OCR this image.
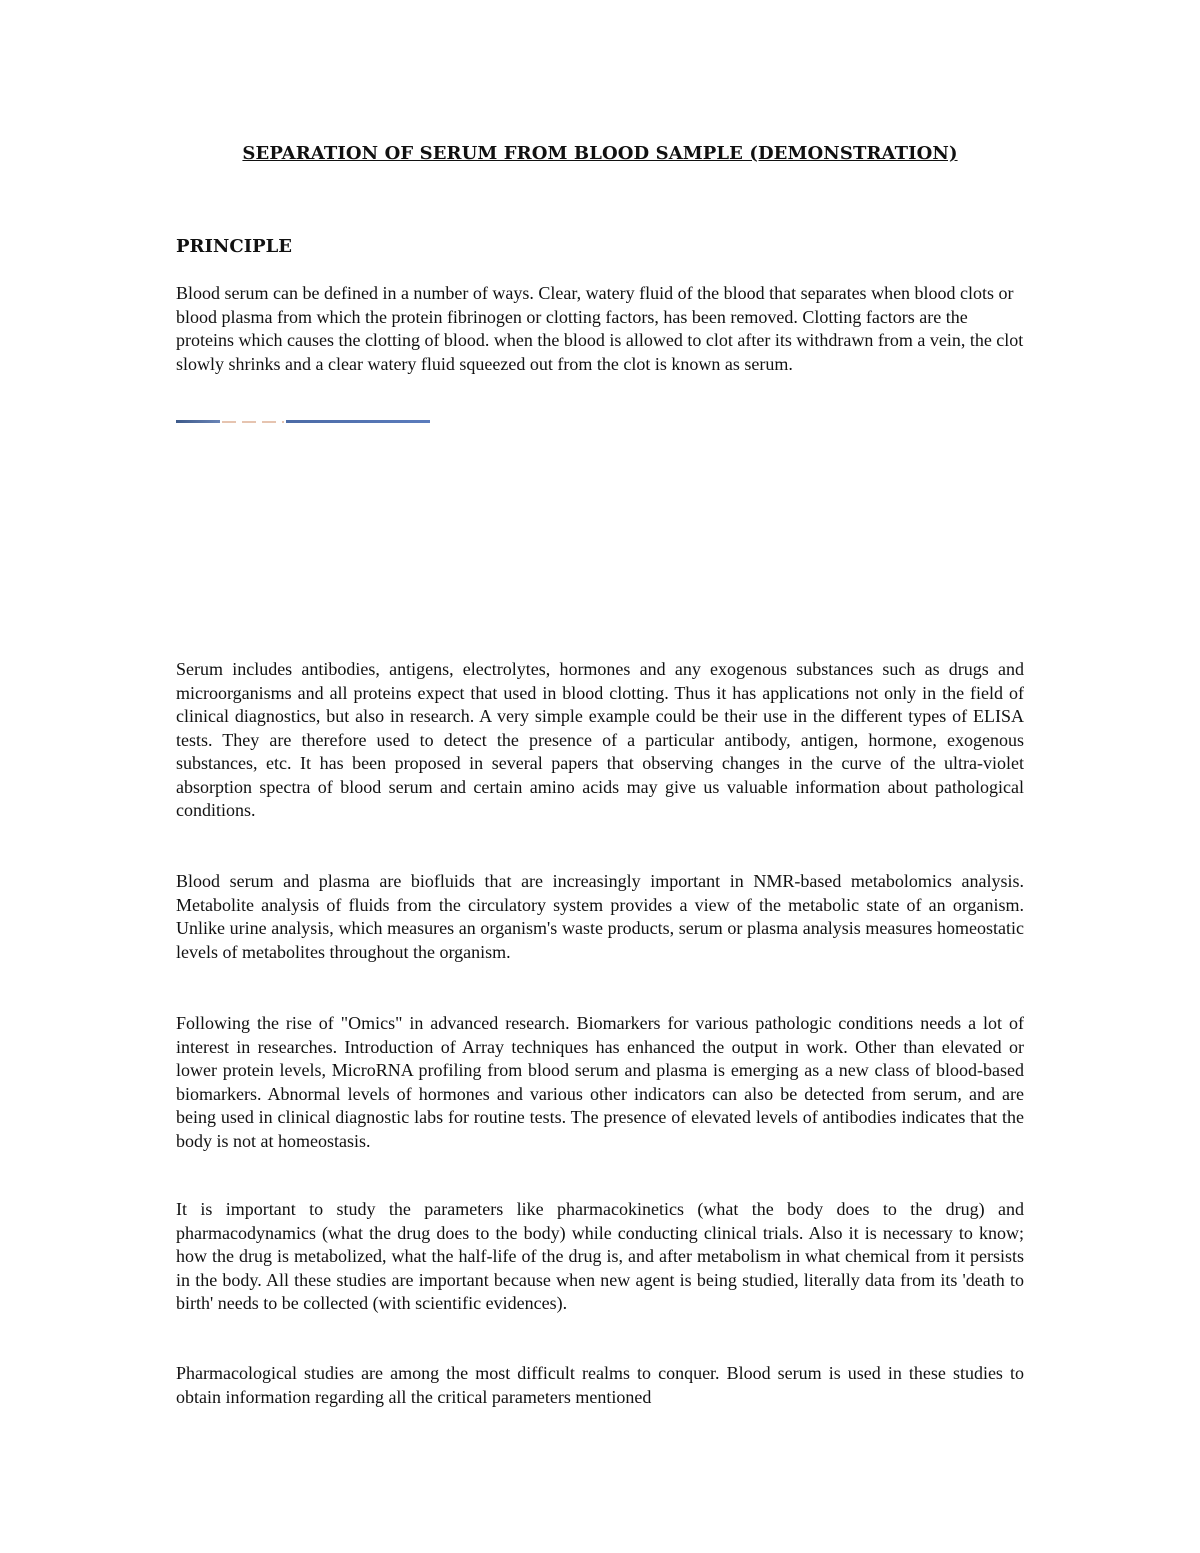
SEPARATION OF SERUM FROM BLOOD SAMPLE (DEMONSTRATION)
PRINCIPLE

Blood serum can be defined in a number of ways. Clear, watery fluid of the blood that separates when blood clots or blood plasma from which the protein fibrinogen or clotting factors, has been removed. Clotting factors are the proteins which causes the clotting of blood. when the blood is allowed to clot after its withdrawn from a vein, the clot slowly shrinks and a clear watery fluid squeezed out from the clot is known as serum.

Serum includes antibodies, antigens, electrolytes, hormones and any exogenous substances such as drugs and microorganisms and all proteins expect that used in blood clotting. Thus it has applications not only in the field of clinical diagnostics, but also in research. A very simple example could be their use in the different types of ELISA tests. They are therefore used to detect the presence of a particular antibody, antigen, hormone, exogenous substances, etc. It has been proposed in several papers that observing changes in the curve of the ultra-violet absorption spectra of blood serum and certain amino acids may give us valuable information about pathological conditions.

Blood serum and plasma are biofluids that are increasingly important in NMR-based metabolomics analysis. Metabolite analysis of fluids from the circulatory system provides a view of the metabolic state of an organism. Unlike urine analysis, which measures an organism's waste products, serum or plasma analysis measures homeostatic levels of metabolites throughout the organism.

Following the rise of "Omics" in advanced research. Biomarkers for various pathologic conditions needs a lot of interest in researches. Introduction of Array techniques has enhanced the output in work. Other than elevated or lower protein levels, MicroRNA profiling from blood serum and plasma is emerging as a new class of blood-based biomarkers. Abnormal levels of hormones and various other indicators can also be detected from serum, and are being used in clinical diagnostic labs for routine tests. The presence of elevated levels of antibodies indicates that the body is not at homeostasis.

It is important to study the parameters like pharmacokinetics (what the body does to the drug) and pharmacodynamics (what the drug does to the body) while conducting clinical trials. Also it is necessary to know; how the drug is metabolized, what the half-life of the drug is, and after metabolism in what chemical from it persists in the body. All these studies are important because when new agent is being studied, literally data from its 'death to birth' needs to be collected (with scientific evidences).

Pharmacological studies are among the most difficult realms to conquer. Blood serum is used in these studies to obtain information regarding all the critical parameters mentioned
